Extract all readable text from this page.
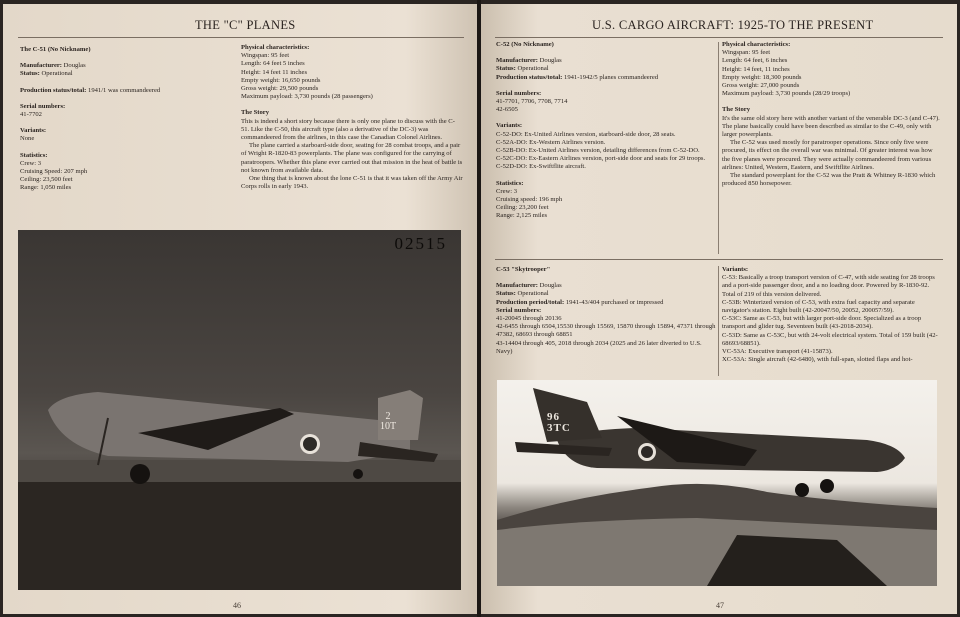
THE "C" PLANES

The C-51 (No Nickname)

Manufacturer: Douglas

Status: Operational

Production status/total: 1941/1 was commandeered

Serial numbers:

41-7702

Variants:

None

Statistics:

Crew: 3

Cruising Speed: 207 mph

Ceiling: 23,500 feet

Range: 1,050 miles

Physical characteristics:

Wingspan: 95 feet

Length: 64 feet 5 inches

Height: 14 feet 11 inches

Empty weight: 16,650 pounds

Gross weight: 29,500 pounds

Maximum payload: 3,730 pounds (28 passengers)

The Story

This is indeed a short story because there is only one plane to discuss with the C-51. Like the C-50, this aircraft type (also a derivative of the DC-3) was commandeered from the airlines, in this case the Canadian Colonel Airlines.

The plane carried a starboard-side door, seating for 28 combat troops, and a pair of Wright R-1820-83 powerplants. The plane was configured for the carrying of paratroopers. Whether this plane ever carried out that mission in the heat of battle is not known from available data.

One thing that is known about the lone C-51 is that it was taken off the Army Air Corps rolls in early 1943.

02515
2
10T
46
U.S. CARGO AIRCRAFT: 1925-TO THE PRESENT

C-52 (No Nickname)

Manufacturer: Douglas

Status: Operational

Production status/total: 1941-1942/5 planes commandeered

Serial numbers:

41-7701, 7706, 7708, 7714

42-6505

Variants:

C-52-DO: Ex-United Airlines version, starboard-side door, 28 seats.

C-52A-DO: Ex-Western Airlines version.

C-52B-DO: Ex-United Airlines version, detailing differences from C-52-DO.

C-52C-DO: Ex-Eastern Airlines version, port-side door and seats for 29 troops.

C-52D-DO: Ex-Swiftflite aircraft.

Statistics:

Crew: 3

Cruising speed: 196 mph

Ceiling: 23,200 feet

Range: 2,125 miles

Physical characteristics:

Wingspan: 95 feet

Length: 64 feet, 6 inches

Height: 14 feet, 11 inches

Empty weight: 18,300 pounds

Gross weight: 27,000 pounds

Maximum payload: 3,730 pounds (28/29 troops)

The Story

It's the same old story here with another variant of the venerable DC-3 (and C-47). The plane basically could have been described as similar to the C-49, only with larger powerplants.

The C-52 was used mostly for paratrooper operations. Since only five were procured, its effect on the overall war was minimal. Of greater interest was how the five planes were procured. They were actually commandeered from various airlines: United, Western, Eastern, and Swiftflite Airlines.

The standard powerplant for the C-52 was the Pratt & Whitney R-1830 which produced 850 horsepower.

C-53 "Skytrooper"

Manufacturer: Douglas

Status: Operational

Production period/total: 1941-43/404 purchased or impressed

Serial numbers:

41-20045 through 20136

42-6455 through 6504,15530 through 15569, 15870 through 15894, 47371 through 47382, 68693 through 68851

43-14404 through 405, 2018 through 2034 (2025 and 26 later diverted to U.S. Navy)

Variants:

C-53: Basically a troop transport version of C-47, with side seating for 28 troops and a port-side passenger door, and a no loading door. Powered by R-1830-92. Total of 219 of this version delivered.

C-53B: Winterized version of C-53, with extra fuel capacity and separate navigator's station. Eight built (42-20047/50, 20052, 200057/59).

C-53C: Same as C-53, but with larger port-side door. Specialized as a troop transport and glider tug. Seventeen built (43-2018-2034).

C-53D: Same as C-53C, but with 24-volt electrical system. Total of 159 built (42-68693/68851).

VC-53A: Executive transport (41-15873).

XC-53A: Single aircraft (42-6480), with full-span, slotted flaps and hot-

96
3TC
47
